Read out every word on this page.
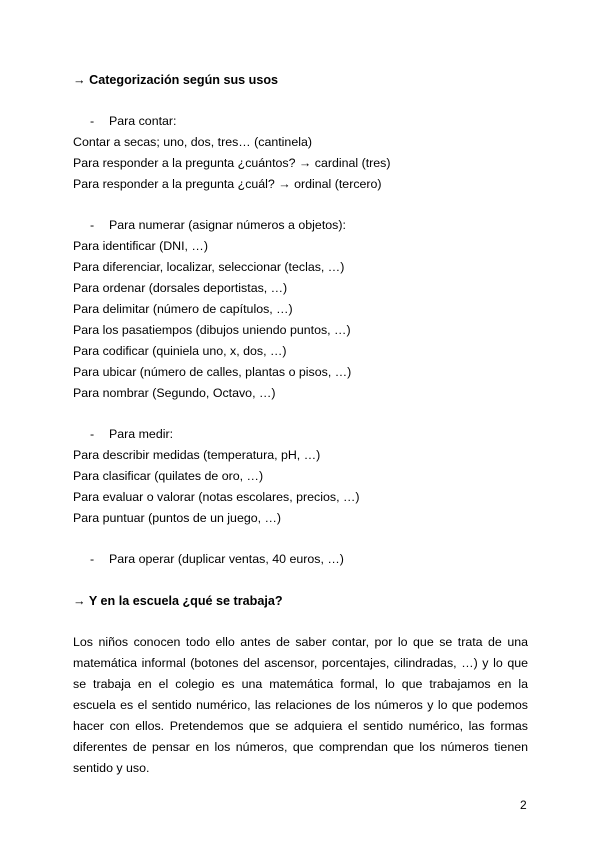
→ Categorización según sus usos
- Para contar:
Contar a secas; uno, dos, tres… (cantinela)
Para responder a la pregunta ¿cuántos? → cardinal (tres)
Para responder a la pregunta ¿cuál? → ordinal (tercero)
- Para numerar (asignar números a objetos):
Para identificar (DNI, …)
Para diferenciar, localizar, seleccionar (teclas, …)
Para ordenar (dorsales deportistas, …)
Para delimitar (número de capítulos, …)
Para los pasatiempos (dibujos uniendo puntos, …)
Para codificar (quiniela uno, x, dos, …)
Para ubicar (número de calles, plantas o pisos, …)
Para nombrar (Segundo, Octavo, …)
- Para medir:
Para describir medidas (temperatura, pH, …)
Para clasificar (quilates de oro, …)
Para evaluar o valorar (notas escolares, precios, …)
Para puntuar (puntos de un juego, …)
- Para operar (duplicar ventas, 40 euros, …)
→ Y en la escuela ¿qué se trabaja?
Los niños conocen todo ello antes de saber contar, por lo que se trata de una matemática informal (botones del ascensor, porcentajes, cilindradas, …) y lo que se trabaja en el colegio es una matemática formal, lo que trabajamos en la escuela es el sentido numérico, las relaciones de los números y lo que podemos hacer con ellos. Pretendemos que se adquiera el sentido numérico, las formas diferentes de pensar en los números, que comprendan que los números tienen sentido y uso.
2
